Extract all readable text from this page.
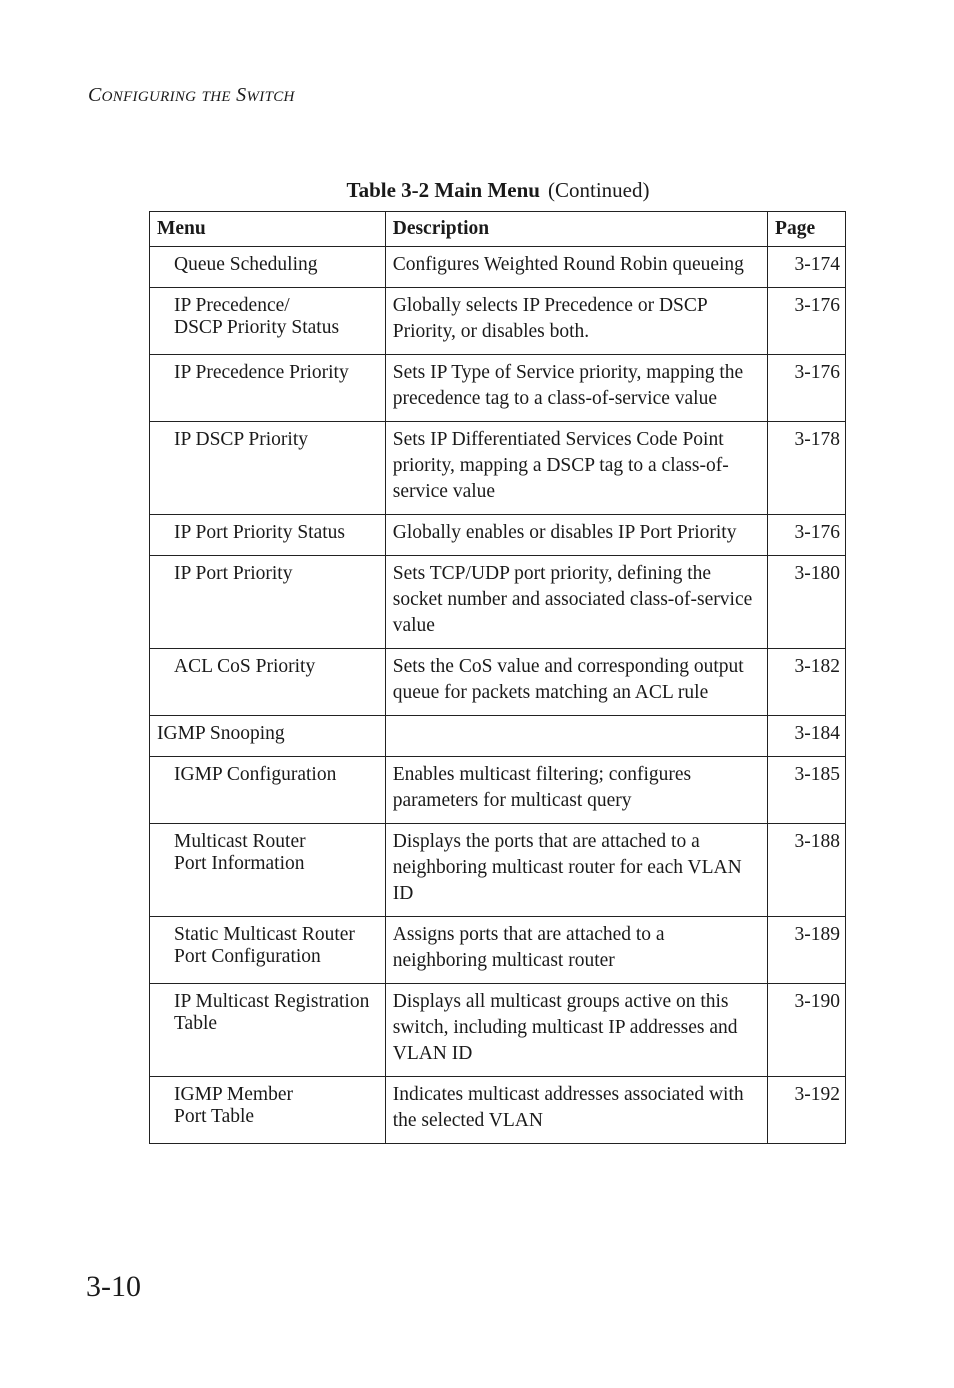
CONFIGURING THE SWITCH
Table 3-2 Main Menu (Continued)
Menu	Description	Page

Queue Scheduling	Configures Weighted Round Robin queueing	3-174

IP Precedence/
DSCP Priority Status	Globally selects IP Precedence or DSCP Priority, or disables both.	3-176

IP Precedence Priority	Sets IP Type of Service priority, mapping the precedence tag to a class-of-service value	3-176

IP DSCP Priority	Sets IP Differentiated Services Code Point priority, mapping a DSCP tag to a class-of-service value	3-178

IP Port Priority Status	Globally enables or disables IP Port Priority	3-176

IP Port Priority	Sets TCP/UDP port priority, defining the socket number and associated class-of-service value	3-180

ACL CoS Priority	Sets the CoS value and corresponding output queue for packets matching an ACL rule	3-182

IGMP Snooping		3-184

IGMP Configuration	Enables multicast filtering; configures parameters for multicast query	3-185

Multicast Router
Port Information	Displays the ports that are attached to a neighboring multicast router for each VLAN ID	3-188

Static Multicast Router
Port Configuration	Assigns ports that are attached to a neighboring multicast router	3-189

IP Multicast Registration
Table	Displays all multicast groups active on this switch, including multicast IP addresses and VLAN ID	3-190

IGMP Member
Port Table	Indicates multicast addresses associated with the selected VLAN	3-192
3-10
